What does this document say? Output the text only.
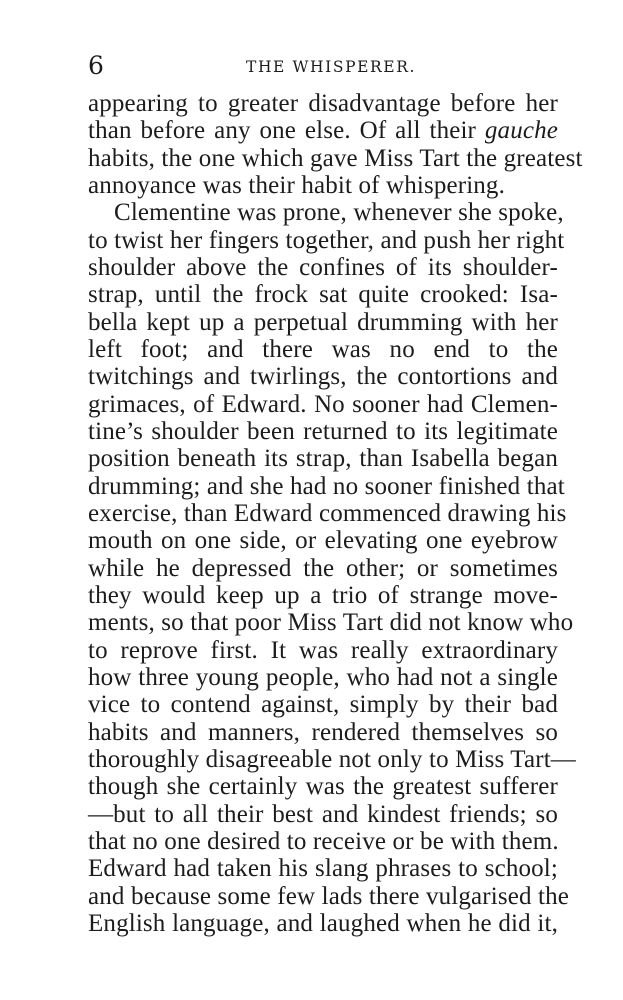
6	THE WHISPERER.
appearing to greater disadvantage before her
than before any one else. Of all their gauche
habits, the one which gave Miss Tart the greatest
annoyance was their habit of whispering.
Clementine was prone, whenever she spoke,
to twist her fingers together, and push her right
shoulder above the confines of its shoulder-
strap, until the frock sat quite crooked: Isa-
bella kept up a perpetual drumming with her
left foot; and there was no end to the
twitchings and twirlings, the contortions and
grimaces, of Edward. No sooner had Clemen-
tine’s shoulder been returned to its legitimate
position beneath its strap, than Isabella began
drumming; and she had no sooner finished that
exercise, than Edward commenced drawing his
mouth on one side, or elevating one eyebrow
while he depressed the other; or sometimes
they would keep up a trio of strange move-
ments, so that poor Miss Tart did not know who
to reprove first. It was really extraordinary
how three young people, who had not a single
vice to contend against, simply by their bad
habits and manners, rendered themselves so
thoroughly disagreeable not only to Miss Tart—
though she certainly was the greatest sufferer
—but to all their best and kindest friends; so
that no one desired to receive or be with them.
Edward had taken his slang phrases to school;
and because some few lads there vulgarised the
English language, and laughed when he did it,
